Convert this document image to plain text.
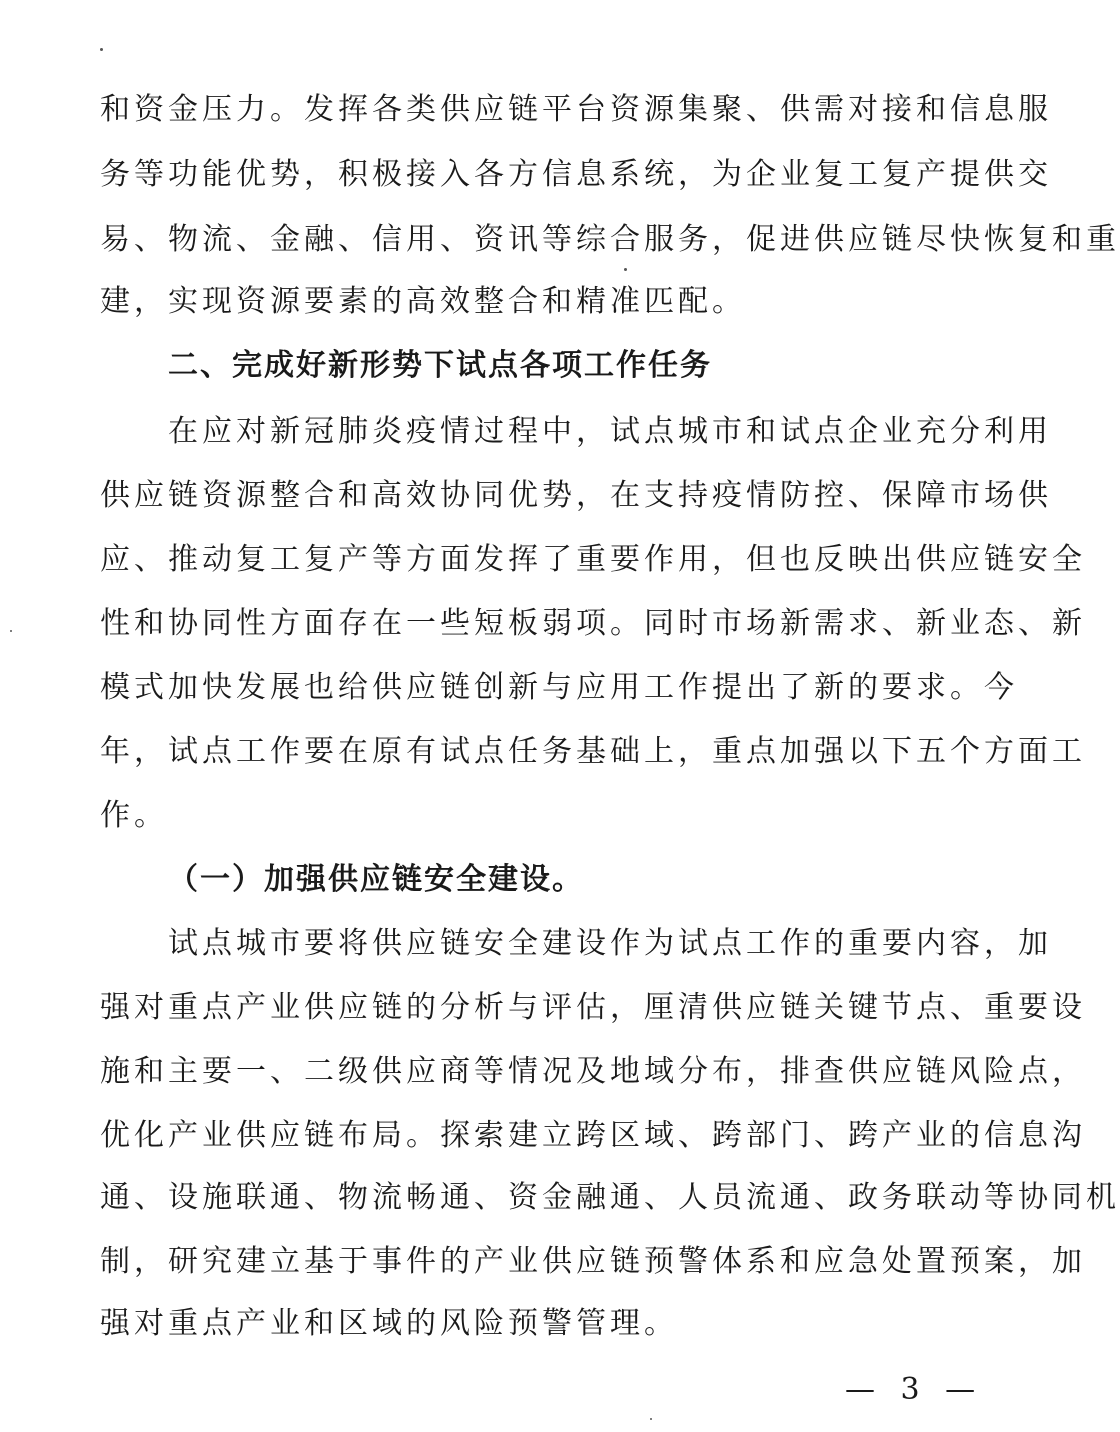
和资金压力。发挥各类供应链平台资源集聚、供需对接和信息服
务等功能优势，积极接入各方信息系统，为企业复工复产提供交
易、物流、金融、信用、资讯等综合服务，促进供应链尽快恢复和重
建，实现资源要素的高效整合和精准匹配。
二、完成好新形势下试点各项工作任务
在应对新冠肺炎疫情过程中，试点城市和试点企业充分利用
供应链资源整合和高效协同优势，在支持疫情防控、保障市场供
应、推动复工复产等方面发挥了重要作用，但也反映出供应链安全
性和协同性方面存在一些短板弱项。同时市场新需求、新业态、新
模式加快发展也给供应链创新与应用工作提出了新的要求。今
年，试点工作要在原有试点任务基础上，重点加强以下五个方面工
作。
（一）加强供应链安全建设。
试点城市要将供应链安全建设作为试点工作的重要内容，加
强对重点产业供应链的分析与评估，厘清供应链关键节点、重要设
施和主要一、二级供应商等情况及地域分布，排查供应链风险点，
优化产业供应链布局。探索建立跨区域、跨部门、跨产业的信息沟
通、设施联通、物流畅通、资金融通、人员流通、政务联动等协同机
制，研究建立基于事件的产业供应链预警体系和应急处置预案，加
强对重点产业和区域的风险预警管理。
— 3 —
